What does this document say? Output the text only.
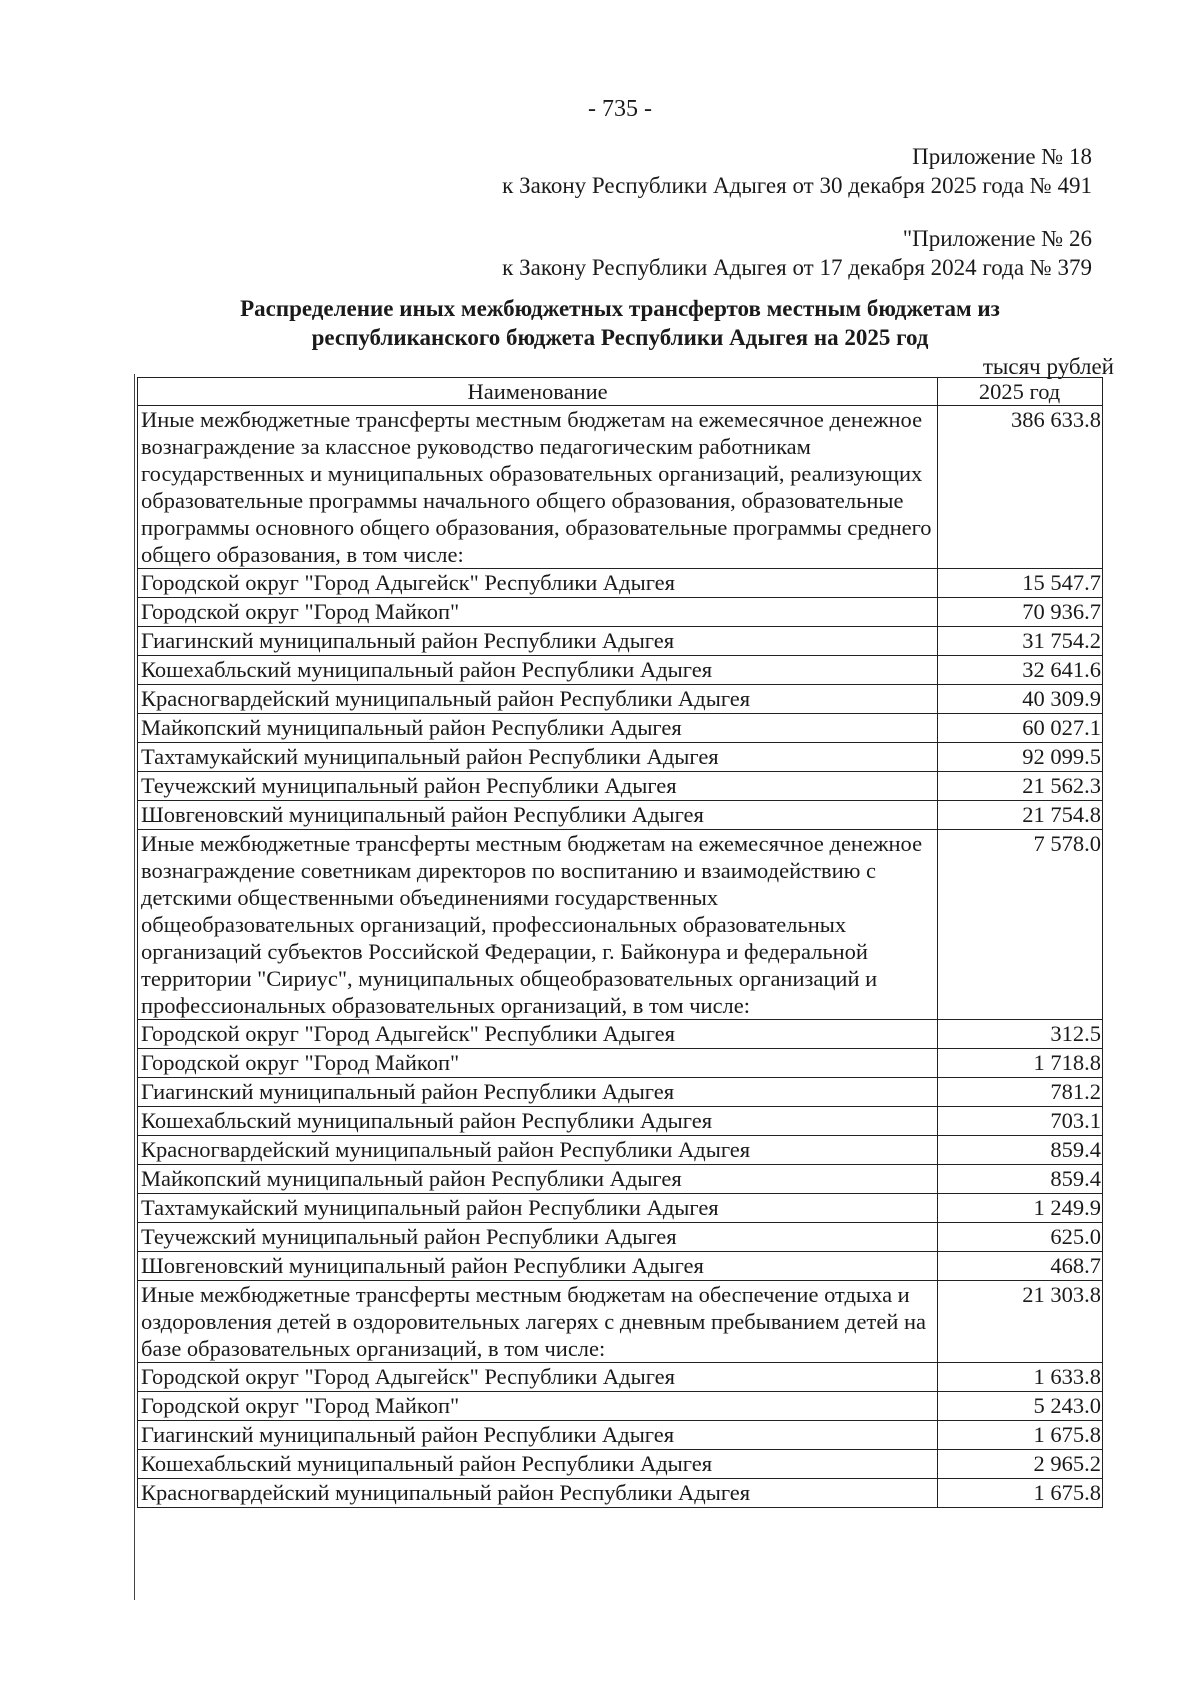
- 735 -
Приложение № 18
к Закону Республики Адыгея от 30 декабря 2025 года № 491
"Приложение № 26
к Закону Республики Адыгея от 17 декабря 2024 года № 379
Распределение иных межбюджетных трансфертов местным бюджетам из
республиканского бюджета Республики Адыгея на 2025 год
тысяч рублей
Наименование	2025 год
Иные межбюджетные трансферты местным бюджетам на ежемесячное денежное вознаграждение за классное руководство педагогическим работникам государственных и муниципальных образовательных организаций, реализующих образовательные программы начального общего образования, образовательные программы основного общего образования, образовательные программы среднего общего образования, в том числе:	386 633.8
Городской округ "Город Адыгейск" Республики Адыгея	15 547.7
Городской округ "Город Майкоп"	70 936.7
Гиагинский муниципальный район Республики Адыгея	31 754.2
Кошехабльский муниципальный район Республики Адыгея	32 641.6
Красногвардейский муниципальный район Республики Адыгея	40 309.9
Майкопский муниципальный район Республики Адыгея	60 027.1
Тахтамукайский муниципальный район Республики Адыгея	92 099.5
Теучежский муниципальный район Республики Адыгея	21 562.3
Шовгеновский муниципальный район Республики Адыгея	21 754.8
Иные межбюджетные трансферты местным бюджетам на ежемесячное денежное вознаграждение советникам директоров по воспитанию и взаимодействию с детскими общественными объединениями государственных общеобразовательных организаций, профессиональных образовательных организаций субъектов Российской Федерации, г. Байконура и федеральной территории "Сириус", муниципальных общеобразовательных организаций и профессиональных образовательных организаций, в том числе:	7 578.0
Городской округ "Город Адыгейск" Республики Адыгея	312.5
Городской округ "Город Майкоп"	1 718.8
Гиагинский муниципальный район Республики Адыгея	781.2
Кошехабльский муниципальный район Республики Адыгея	703.1
Красногвардейский муниципальный район Республики Адыгея	859.4
Майкопский муниципальный район Республики Адыгея	859.4
Тахтамукайский муниципальный район Республики Адыгея	1 249.9
Теучежский муниципальный район Республики Адыгея	625.0
Шовгеновский муниципальный район Республики Адыгея	468.7
Иные межбюджетные трансферты местным бюджетам на обеспечение отдыха и оздоровления детей в оздоровительных лагерях с дневным пребыванием детей на базе образовательных организаций, в том числе:	21 303.8
Городской округ "Город Адыгейск" Республики Адыгея	1 633.8
Городской округ "Город Майкоп"	5 243.0
Гиагинский муниципальный район Республики Адыгея	1 675.8
Кошехабльский муниципальный район Республики Адыгея	2 965.2
Красногвардейский муниципальный район Республики Адыгея	1 675.8
